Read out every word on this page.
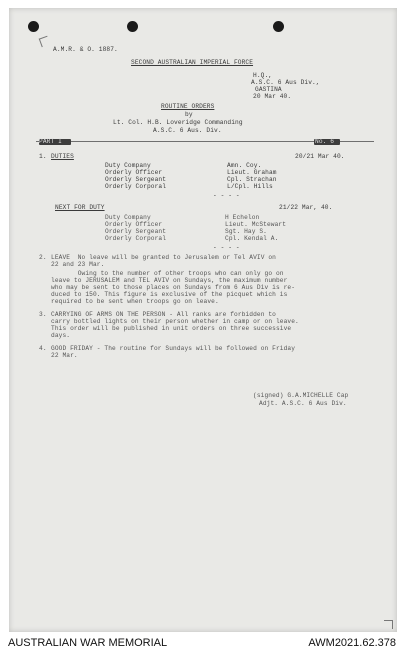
A.M.R. & O. 1887.
SECOND AUSTRALIAN IMPERIAL FORCE
H.Q.,
A.S.C. 6 Aus Div.,
GASTINA
20 Mar 40.
ROUTINE ORDERS
by
Lt. Col. H.B. Loveridge Commanding
A.S.C. 6 Aus. Div.
PART I	No. 6
1. DUTIES	20/21 Mar 40.
Duty Company	Amn. Coy.
Orderly Officer	Lieut. Graham
Orderly Sergeant	Cpl. Strachan
Orderly Corporal	L/Cpl. Hills
- - - -
NEXT FOR DUTY	21/22 Mar, 40.
Duty Company	H Echelon
Orderly Officer	Lieut. McStewart
Orderly Sergeant	Sgt. Hay S.
Orderly Corporal	Cpl. Kendal A.
- - - -
2. LEAVE  No leave will be granted to Jerusalem or Tel AVIV on
22 and 23 Mar.
Owing to the number of other troops who can only go on
leave to JERUSALEM and TEL AVIV on Sundays, the maximum number
who may be sent to those places on Sundays from 6 Aus Div is re-
duced to 150. This figure is exclusive of the picquet which is
required to be sent when troops go on leave.
3. CARRYING OF ARMS ON THE PERSON - All ranks are forbidden to
carry bottled lights on their person whether in camp or on leave.
This order will be published in unit orders on three successive
days.
4. GOOD FRIDAY - The routine for Sundays will be followed on Friday
22 Mar.
(signed) G.A.MICHELLE Cap
Adjt. A.S.C. 6 Aus Div.
AUSTRALIAN WAR MEMORIAL	AWM2021.62.378
